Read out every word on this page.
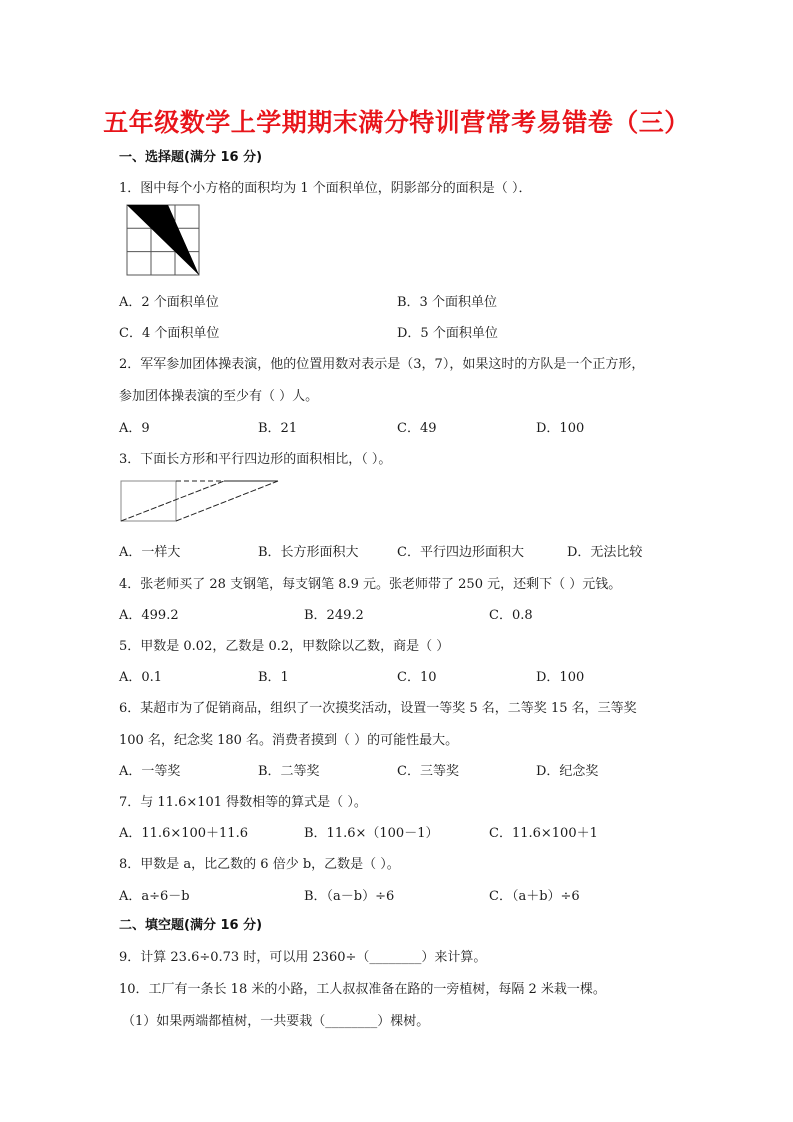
五年级数学上学期期末满分特训营常考易错卷（三）
一、选择题(满分 16 分)
1．图中每个小方格的面积均为 1 个面积单位，阴影部分的面积是（ ）．
A．2 个面积单位	B．3 个面积单位
C．4 个面积单位	D．5 个面积单位
2．军军参加团体操表演，他的位置用数对表示是（3，7），如果这时的方队是一个正方形，
参加团体操表演的至少有（ ）人。
A．9	B．21	C．49	D．100
3．下面长方形和平行四边形的面积相比，（ ）。
A．一样大	B．长方形面积大	C．平行四边形面积大	D．无法比较
4．张老师买了 28 支钢笔，每支钢笔 8.9 元。张老师带了 250 元，还剩下（ ）元钱。
A．499.2	B．249.2	C．0.8
5．甲数是 0.02，乙数是 0.2，甲数除以乙数，商是（ ）
A．0.1	B．1	C．10	D．100
6．某超市为了促销商品，组织了一次摸奖活动，设置一等奖 5 名，二等奖 15 名，三等奖
100 名，纪念奖 180 名。消费者摸到（ ）的可能性最大。
A．一等奖	B．二等奖	C．三等奖	D．纪念奖
7．与 11.6×101 得数相等的算式是（ ）。
A．11.6×100＋11.6	B．11.6×（100－1）	C．11.6×100＋1
8．甲数是 a，比乙数的 6 倍少 b，乙数是（ ）。
A．a÷6－b	B．（a－b）÷6	C．（a＋b）÷6
二、填空题(满分 16 分)
9．计算 23.6÷0.73 时，可以用 2360÷（________）来计算。
10．工厂有一条长 18 米的小路，工人叔叔准备在路的一旁植树，每隔 2 米栽一棵。
（1）如果两端都植树，一共要栽（________）棵树。
